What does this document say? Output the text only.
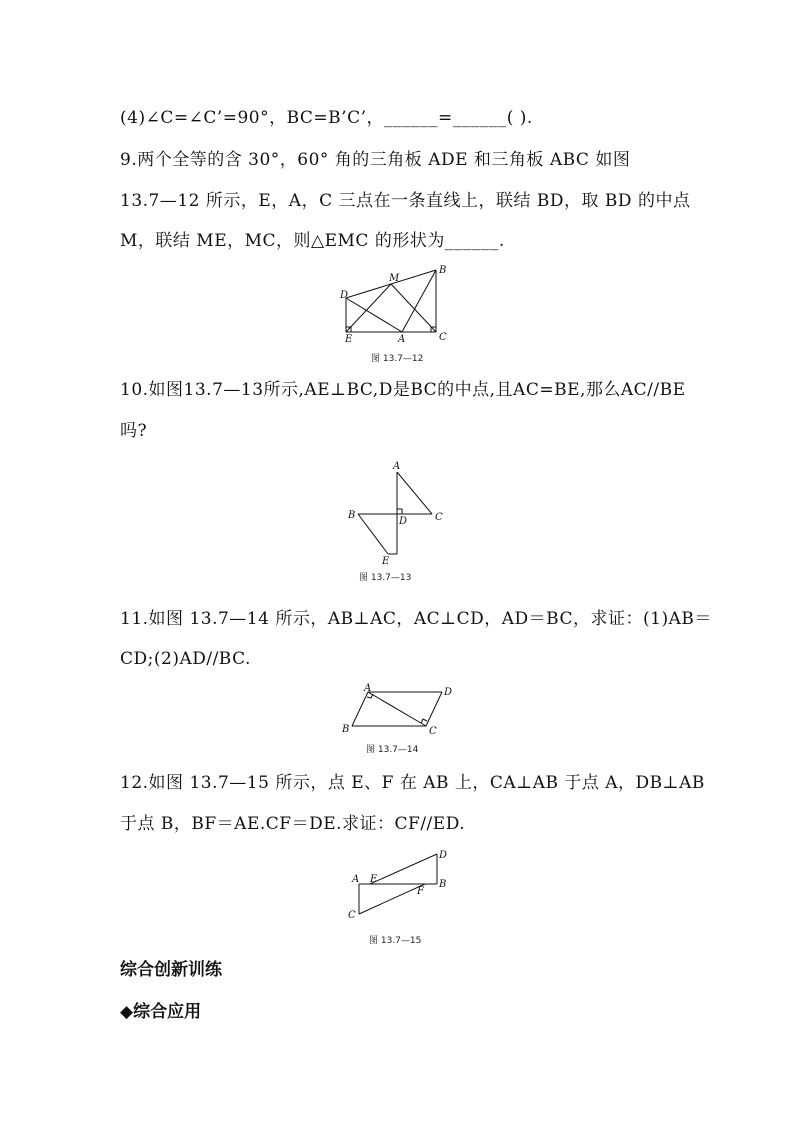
(4)∠C=∠C’=90°，BC=B’C’，______=______( ).
9.两个全等的含 30°，60° 角的三角板 ADE 和三角板 ABC 如图
13.7—12 所示，E，A，C 三点在一条直线上，联结 BD，取 BD 的中点
M，联结 ME，MC，则△EMC 的形状为______.
D
M
B
E	A	C
图 13.7—12
10.如图13.7—13所示,AE⊥BC,D是BC的中点,且AC=BE,那么AC//BE
吗?
A
B
D	C
E
图 13.7—13
11.如图 13.7—14 所示，AB⊥AC，AC⊥CD，AD＝BC，求证：(1)AB＝
CD;(2)AD//BC.
A	D
B	C
图 13.7—14
12.如图 13.7—15 所示，点 E、F 在 AB 上，CA⊥AB 于点 A，DB⊥AB
于点 B，BF＝AE.CF＝DE.求证：CF//ED.
A E
F
D
B
C
图 13.7—15
综合创新训练
◆综合应用
